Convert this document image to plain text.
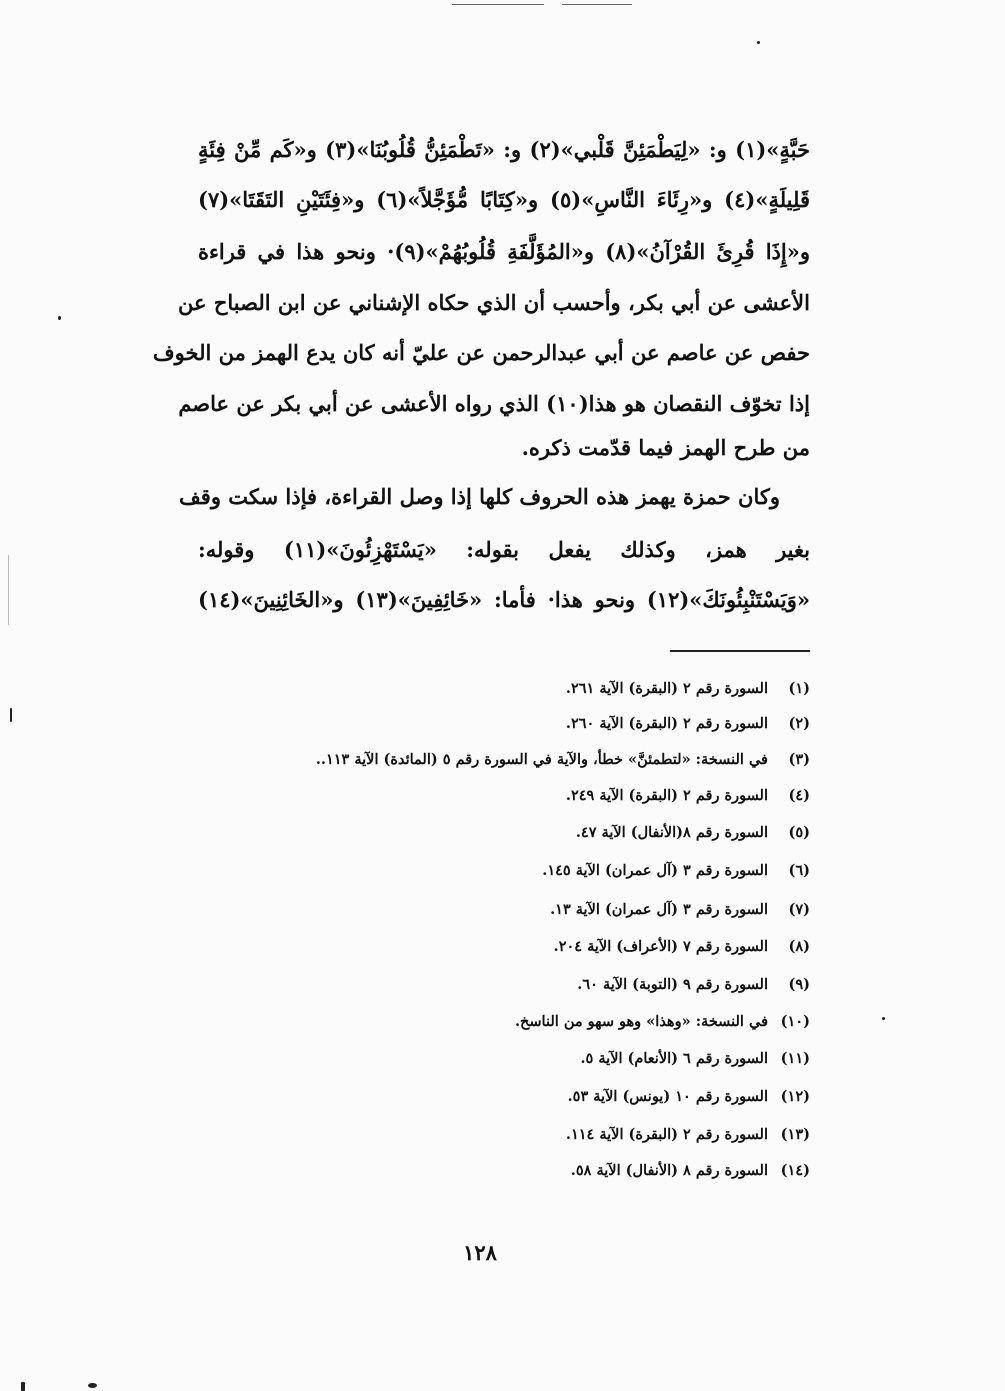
حَبَّةٍ»(١) و: «لِيَطْمَئِنَّ قَلْبي»(٢) و: «تَطْمَئِنُّ قُلُوبُنَا»(٣) و«كَم مِّنْ فِئَةٍ
قَلِيلَةٍ»(٤) و«رِئَاءَ النَّاسِ»(٥) و«كِتَابًا مُّؤَجَّلاً»(٦) و«فِئَتَيْنِ التَقَتَا»(٧)
و«إِذَا قُرِئَ القُرْآنُ»(٨) و«المُؤَلَّفَةِ قُلُوبُهُمْ»(٩)· ونحو هذا في قراءة
الأعشى عن أبي بكر، وأحسب أن الذي حكاه الإشناني عن ابن الصباح عن
حفص عن عاصم عن أبي عبدالرحمن عن عليّ أنه كان يدع الهمز من الخوف
إذا تخوّف النقصان هو هذا(١٠) الذي رواه الأعشى عن أبي بكر عن عاصم
من طرح الهمز فيما قدّمت ذكره.
وكان حمزة يهمز هذه الحروف كلها إذا وصل القراءة، فإذا سكت وقف
بغير همز، وكذلك يفعل بقوله: «يَسْتَهْزِئُونَ»(١١) وقوله:
«وَيَسْتَنْبِئُونَكَ»(١٢) ونحو هذا· فأما: «خَائِفِينَ»(١٣) و«الخَائِنِينَ»(١٤)
(١)السورة رقم ٢ (البقرة) الآية ٢٦١.
(٢)السورة رقم ٢ (البقرة) الآية ٢٦٠.
(٣)في النسخة: «لتطمئنَّ» خطأ، والآية في السورة رقم ٥ (المائدة) الآية ١١٣..
(٤)السورة رقم ٢ (البقرة) الآية ٢٤٩.
(٥)السورة رقم ٨(الأنفال) الآية ٤٧.
(٦)السورة رقم ٣ (آل عمران) الآية ١٤٥.
(٧)السورة رقم ٣ (آل عمران) الآية ١٣.
(٨)السورة رقم ٧ (الأعراف) الآية ٢٠٤.
(٩)السورة رقم ٩ (التوبة) الآية ٦٠.
(١٠)في النسخة: «وهذا» وهو سهو من الناسخ.
(١١)السورة رقم ٦ (الأنعام) الآية ٥.
(١٢)السورة رقم ١٠ (يونس) الآية ٥٣.
(١٣)السورة رقم ٢ (البقرة) الآية ١١٤.
(١٤)السورة رقم ٨ (الأنفال) الآية ٥٨.
١٢٨
